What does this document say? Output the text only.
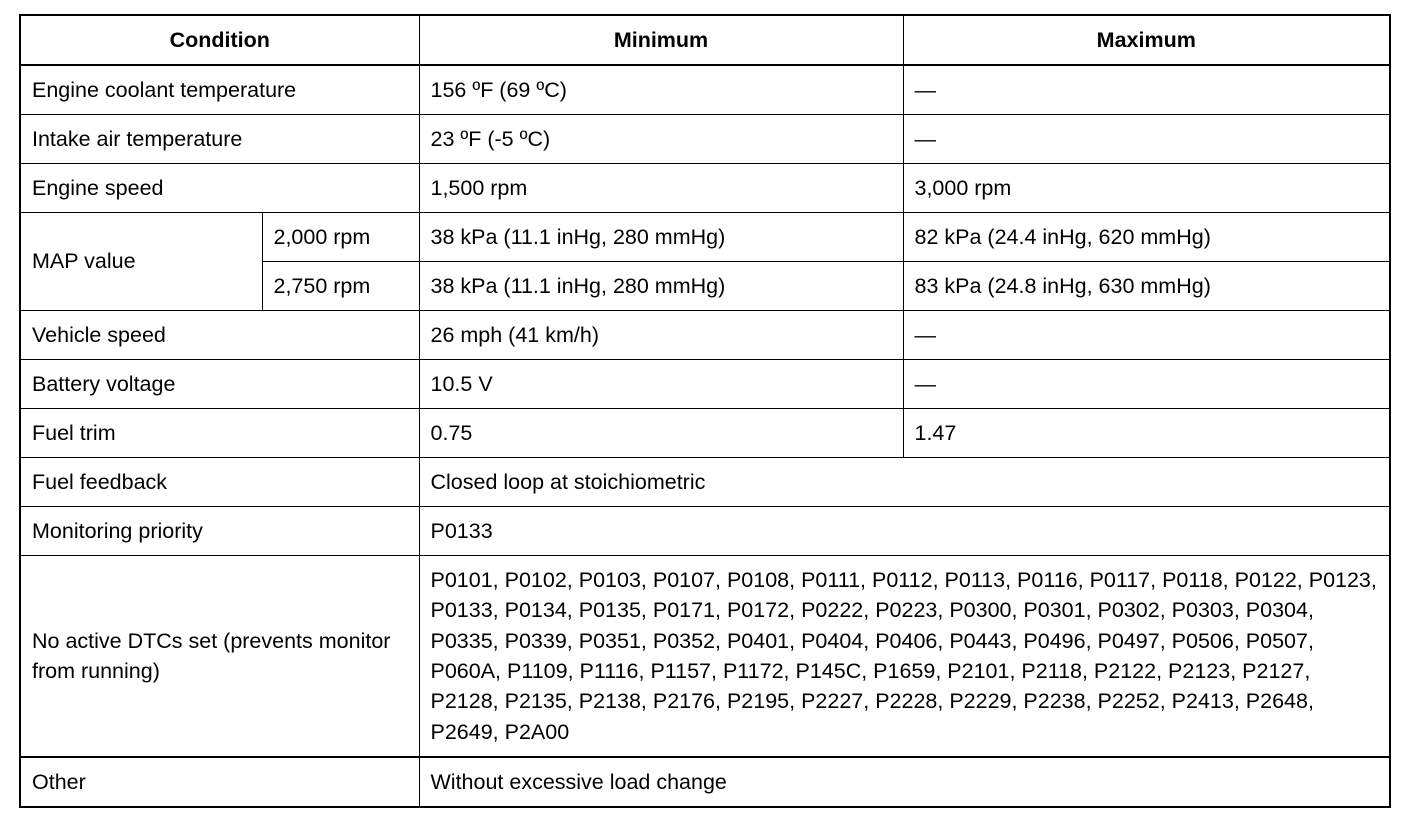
Condition		Minimum	Maximum
Engine coolant temperature		156 ºF (69 ºC)	—
Intake air temperature		23 ºF (-5 ºC)	—
Engine speed		1,500 rpm	3,000 rpm
MAP value	2,000 rpm	38 kPa (11.1 inHg, 280 mmHg)	82 kPa (24.4 inHg, 620 mmHg)
	2,750 rpm	38 kPa (11.1 inHg, 280 mmHg)	83 kPa (24.8 inHg, 630 mmHg)
Vehicle speed		26 mph (41 km/h)	—
Battery voltage		10.5 V	—
Fuel trim		0.75	1.47
Fuel feedback		Closed loop at stoichiometric	
Monitoring priority		P0133	
No active DTCs set (prevents monitor from running)		P0101, P0102, P0103, P0107, P0108, P0111, P0112, P0113, P0116, P0117, P0118, P0122, P0123, P0133, P0134, P0135, P0171, P0172, P0222, P0223, P0300, P0301, P0302, P0303, P0304, P0335, P0339, P0351, P0352, P0401, P0404, P0406, P0443, P0496, P0497, P0506, P0507, P060A, P1109, P1116, P1157, P1172, P145C, P1659, P2101, P2118, P2122, P2123, P2127, P2128, P2135, P2138, P2176, P2195, P2227, P2228, P2229, P2238, P2252, P2413, P2648, P2649, P2A00	
Other		Without excessive load change	
